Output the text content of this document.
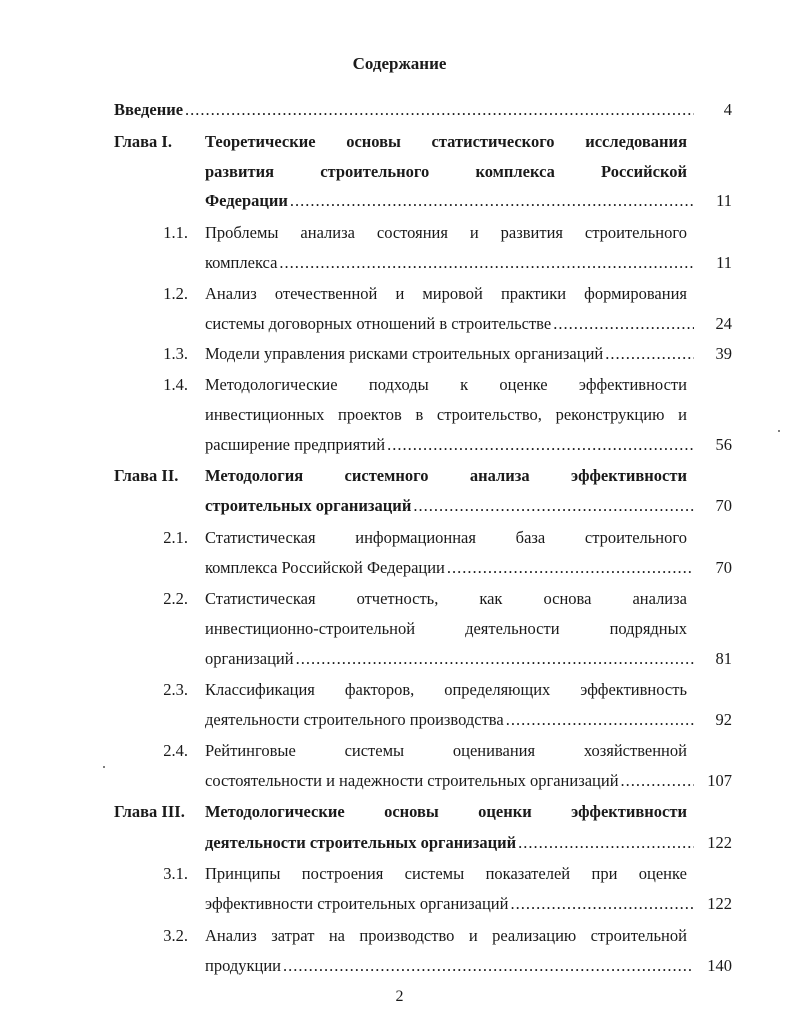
Содержание
Введение .....	4
Глава I. Теоретические основы статистического исследования
развития	строительного	комплекса	Российской
Федерации .....	11
1.1. Проблемы анализа состояния и развития строительного
комплекса .....	11
1.2. Анализ отечественной и мировой практики формирования
системы договорных отношений в строительстве .....	24
1.3. Модели управления рисками строительных организаций .....	39
1.4. Методологические подходы к оценке эффективности
инвестиционных проектов в строительство, реконструкцию и
расширение предприятий .....	56
Глава II. Методология	системного	анализа	эффективности
строительных организаций .....	70
2.1. Статистическая информационная база строительного
комплекса Российской Федерации .....	70
2.2. Статистическая отчетность, как основа анализа
инвестиционно-строительной	деятельности	подрядных
организаций .....	81
2.3. Классификация факторов, определяющих эффективность
деятельности строительного производства .....	92
2.4. Рейтинговые	системы	оценивания	хозяйственной
состоятельности и надежности строительных организаций .....	107
Глава III. Методологические основы оценки эффективности
деятельности строительных организаций .....	122
3.1. Принципы построения системы показателей при оценке
эффективности строительных организаций .....	122
3.2. Анализ затрат на производство и реализацию строительной
продукции .....	140
2
